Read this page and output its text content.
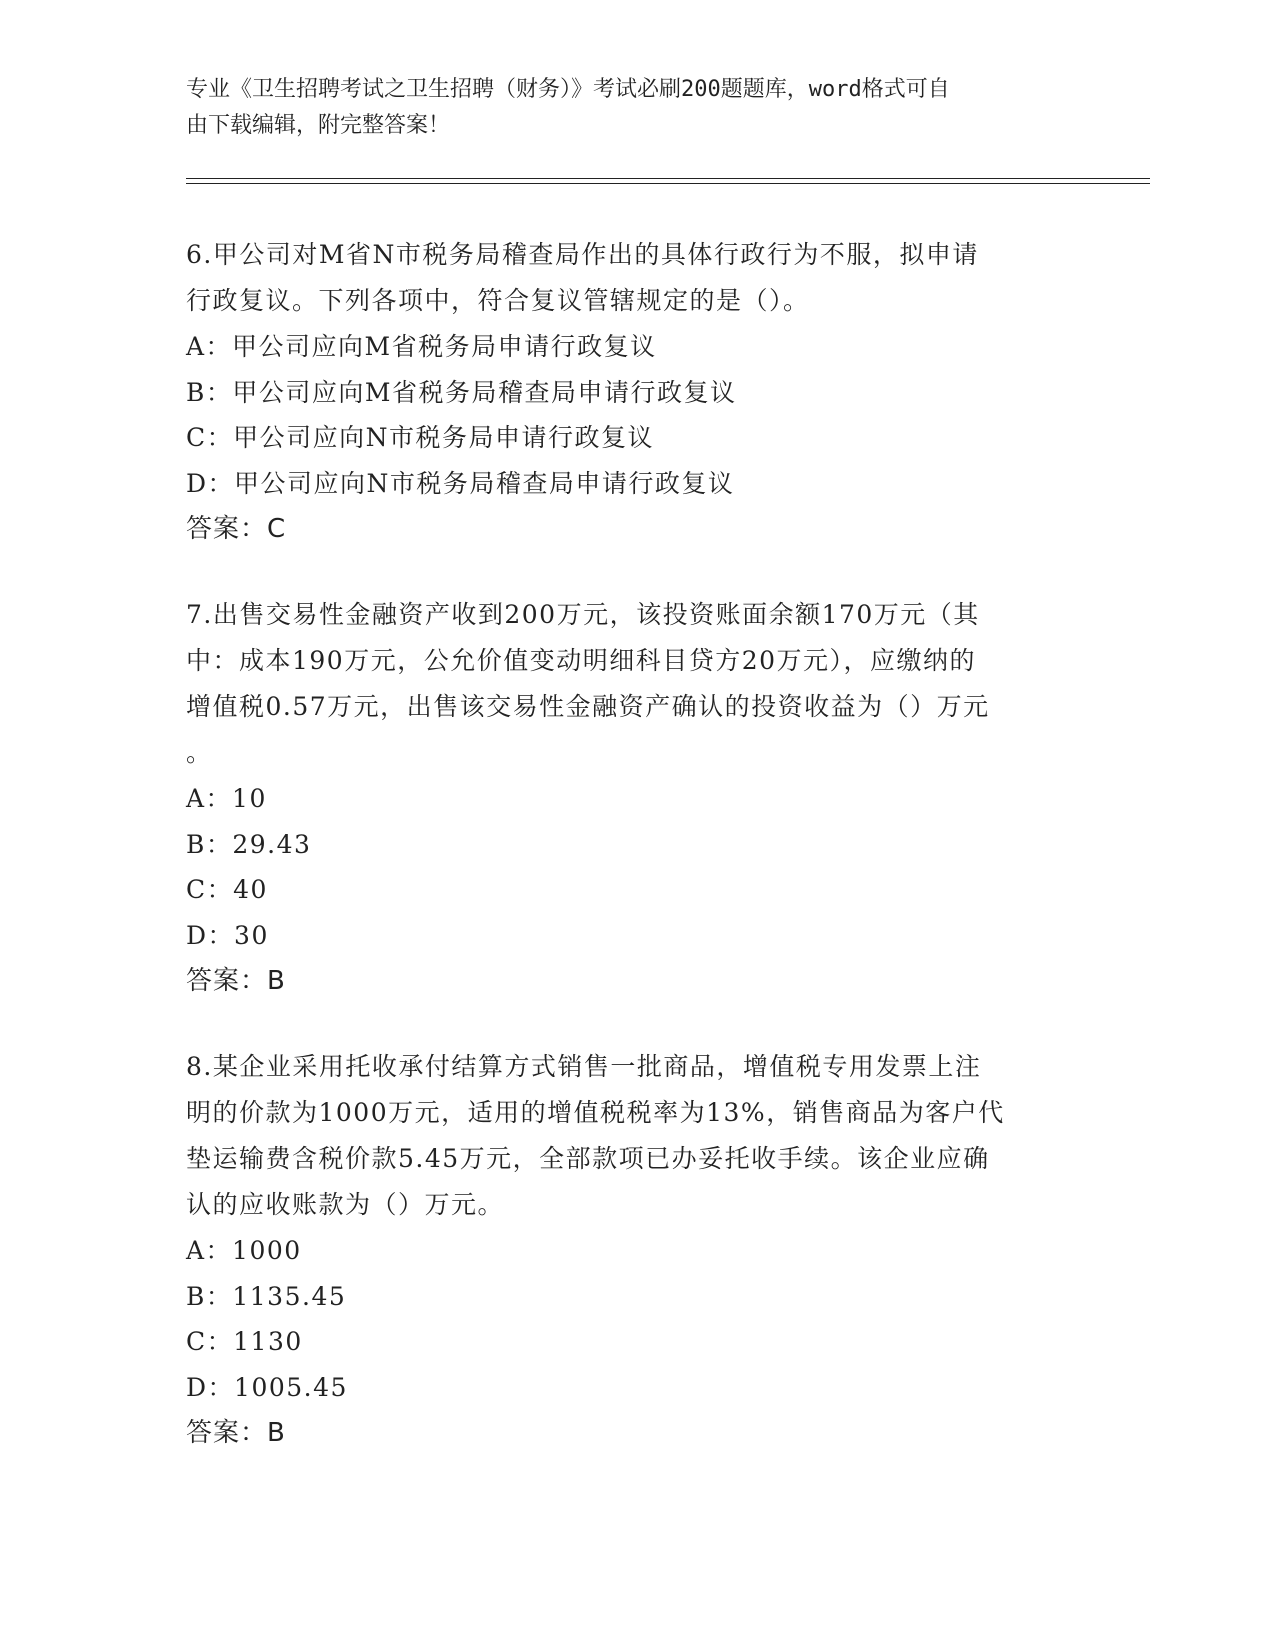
专业《卫生招聘考试之卫生招聘（财务）》考试必刷200题题库，word格式可自
由下载编辑，附完整答案！
6.甲公司对M省N市税务局稽查局作出的具体行政行为不服，拟申请
行政复议。下列各项中，符合复议管辖规定的是（）。
A：甲公司应向M省税务局申请行政复议
B：甲公司应向M省税务局稽查局申请行政复议
C：甲公司应向N市税务局申请行政复议
D：甲公司应向N市税务局稽查局申请行政复议
答案：C
7.出售交易性金融资产收到200万元，该投资账面余额170万元（其
中：成本190万元，公允价值变动明细科目贷方20万元），应缴纳的
增值税0.57万元，出售该交易性金融资产确认的投资收益为（）万元
。
A：10
B：29.43
C：40
D：30
答案：B
8.某企业采用托收承付结算方式销售一批商品，增值税专用发票上注
明的价款为1000万元，适用的增值税税率为13%，销售商品为客户代
垫运输费含税价款5.45万元，全部款项已办妥托收手续。该企业应确
认的应收账款为（）万元。
A：1000
B：1135.45
C：1130
D：1005.45
答案：B
